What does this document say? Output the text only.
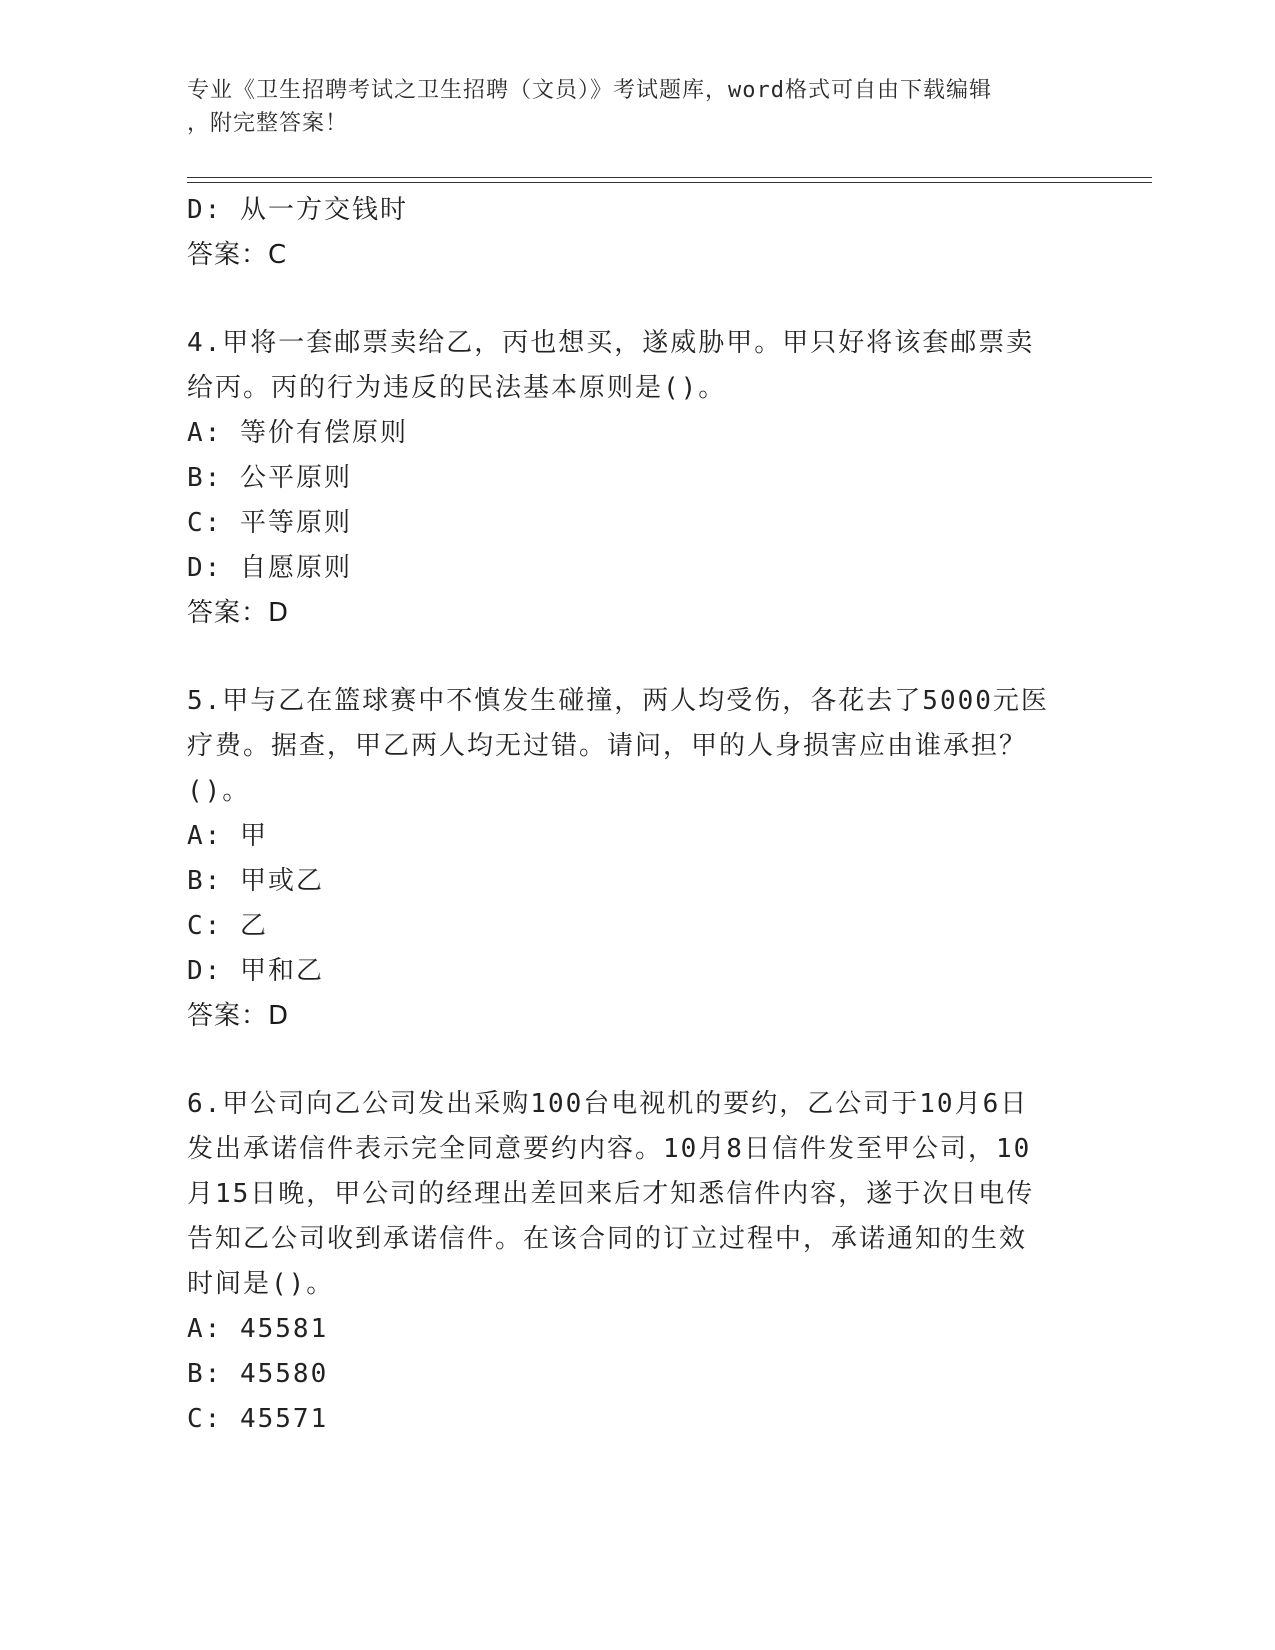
专业《卫生招聘考试之卫生招聘（文员）》考试题库，word格式可自由下载编辑
，附完整答案！
D: 从一方交钱时
答案：C
4.甲将一套邮票卖给乙，丙也想买，遂威胁甲。甲只好将该套邮票卖
给丙。丙的行为违反的民法基本原则是()。
A: 等价有偿原则
B: 公平原则
C: 平等原则
D: 自愿原则
答案：D
5.甲与乙在篮球赛中不慎发生碰撞，两人均受伤，各花去了5000元医
疗费。据查，甲乙两人均无过错。请问，甲的人身损害应由谁承担？
()。
A: 甲
B: 甲或乙
C: 乙
D: 甲和乙
答案：D
6.甲公司向乙公司发出采购100台电视机的要约，乙公司于10月6日
发出承诺信件表示完全同意要约内容。10月8日信件发至甲公司，10
月15日晚，甲公司的经理出差回来后才知悉信件内容，遂于次日电传
告知乙公司收到承诺信件。在该合同的订立过程中，承诺通知的生效
时间是()。
A: 45581
B: 45580
C: 45571
